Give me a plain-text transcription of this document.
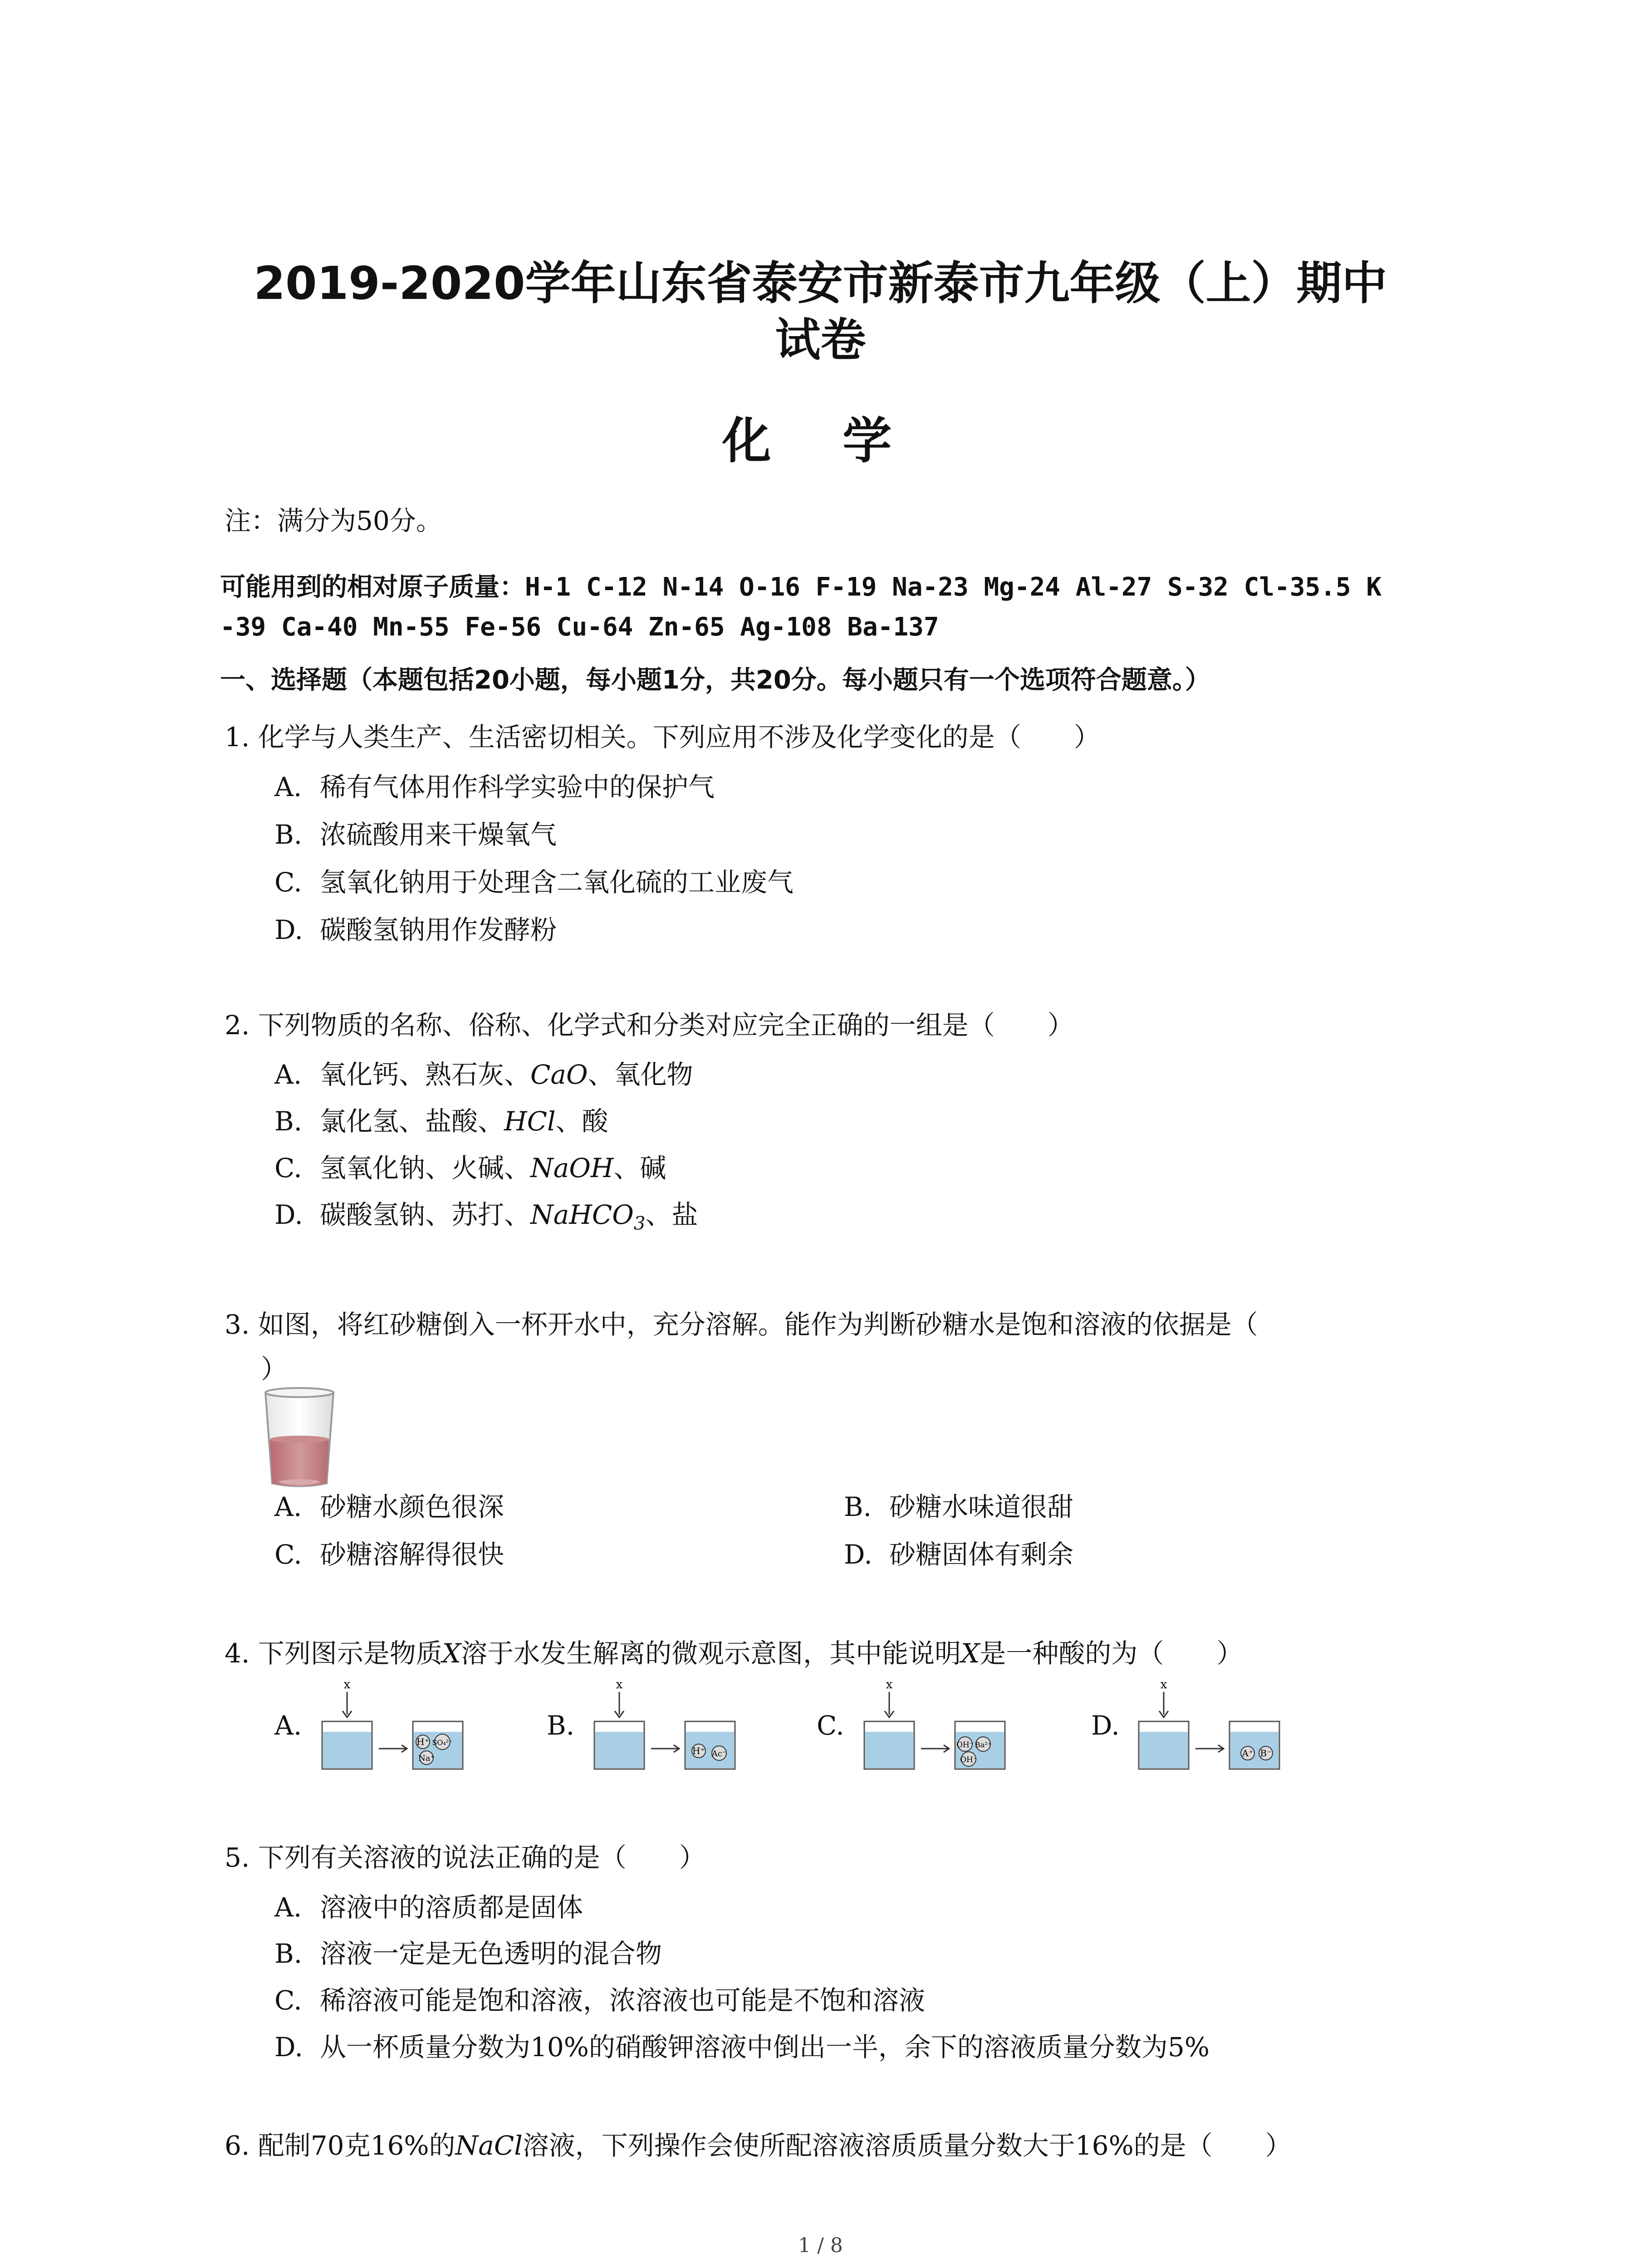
2019-2020学年山东省泰安市新泰市九年级（上）期中
试卷
化 学
注：满分为50分。
可能用到的相对原子质量：H-1 C-12 N-14 O-16 F-19 Na-23 Mg-24 Al-27 S-32 Cl-35.5 K
-39 Ca-40 Mn-55 Fe-56 Cu-64 Zn-65 Ag-108 Ba-137
一、选择题（本题包括20小题，每小题1分，共20分。每小题只有一个选项符合题意。）
1. 化学与人类生产、生活密切相关。下列应用不涉及化学变化的是（　　）
A. 稀有气体用作科学实验中的保护气
B. 浓硫酸用来干燥氧气
C. 氢氧化钠用于处理含二氧化硫的工业废气
D. 碳酸氢钠用作发酵粉
2. 下列物质的名称、俗称、化学式和分类对应完全正确的一组是（　　）
A. 氧化钙、熟石灰、CaO、氧化物
B. 氯化氢、盐酸、HCl、酸
C. 氢氧化钠、火碱、NaOH、碱
D. 碳酸氢钠、苏打、NaHCO$_3$、盐
3. 如图，将红砂糖倒入一杯开水中，充分溶解。能作为判断砂糖水是饱和溶液的依据是（
）
A. 砂糖水颜色很深	B. 砂糖水味道很甜
C. 砂糖溶解得很快	D. 砂糖固体有剩余
4. 下列图示是物质X溶于水发生解离的微观示意图，其中能说明X是一种酸的为（　　）
A.
x
H⁺ SO₄²⁻
Na⁺
B.
x
H⁺ Ac⁻
C.
x
OH⁻ Ba²⁺
OH⁻
D.
x
A⁺ B⁻
5. 下列有关溶液的说法正确的是（　　）
A. 溶液中的溶质都是固体
B. 溶液一定是无色透明的混合物
C. 稀溶液可能是饱和溶液，浓溶液也可能是不饱和溶液
D. 从一杯质量分数为10%的硝酸钾溶液中倒出一半，余下的溶液质量分数为5%
6. 配制70克16%的NaCl溶液，下列操作会使所配溶液溶质质量分数大于16%的是（　　）
1 / 8
